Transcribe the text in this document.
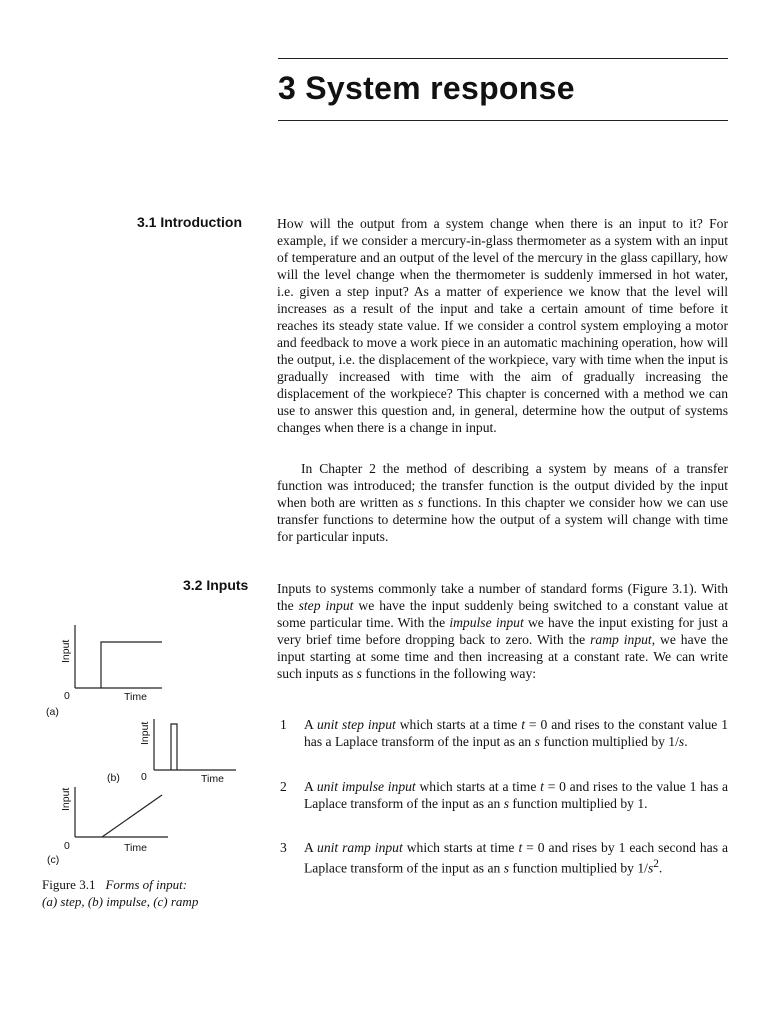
3 System response
3.1 Introduction	How will the output from a system change when there is an input to it? For example, if we consider a mercury-in-glass thermometer as a system with an input of temperature and an output of the level of the mercury in the glass capillary, how will the level change when the thermometer is suddenly immersed in hot water, i.e. given a step input? As a matter of experience we know that the level will increases as a result of the input and take a certain amount of time before it reaches its steady state value. If we consider a control system employing a motor and feedback to move a work piece in an automatic machining operation, how will the output, i.e. the displacement of the workpiece, vary with time when the input is gradually increased with time with the aim of gradually increasing the displacement of the workpiece? This chapter is concerned with a method we can use to answer this question and, in general, determine how the output of systems changes when there is a change in input.

In Chapter 2 the method of describing a system by means of a transfer function was introduced; the transfer function is the output divided by the input when both are written as s functions. In this chapter we consider how we can use transfer functions to determine how the output of a system will change with time for particular inputs.

3.2 Inputs Inputs to systems commonly take a number of standard forms (Figure 3.1). With the step input we have the input suddenly being switched to a constant value at some particular time. With the impulse input we have the input existing for just a very brief time before dropping back to zero. With the ramp input, we have the input starting at some time and then increasing at a constant rate. We can write such inputs as s functions in the following way:

1 A unit step input which starts at a time t = 0 and rises to the constant value 1 has a Laplace transform of the input as an s function multiplied by 1/s.

2 A unit impulse input which starts at a time t = 0 and rises to the value 1 has a Laplace transform of the input as an s function multiplied by 1.

3 A unit ramp input which starts at time t = 0 and rises by 1 each second has a Laplace transform of the input as an s function multiplied by $1/s^2$.

Input
0	Time
(a)
Input
(b) 0	Time
Input
0	Time
(c)

Figure 3.1 Forms of input:
(a) step, (b) impulse, (c) ramp
